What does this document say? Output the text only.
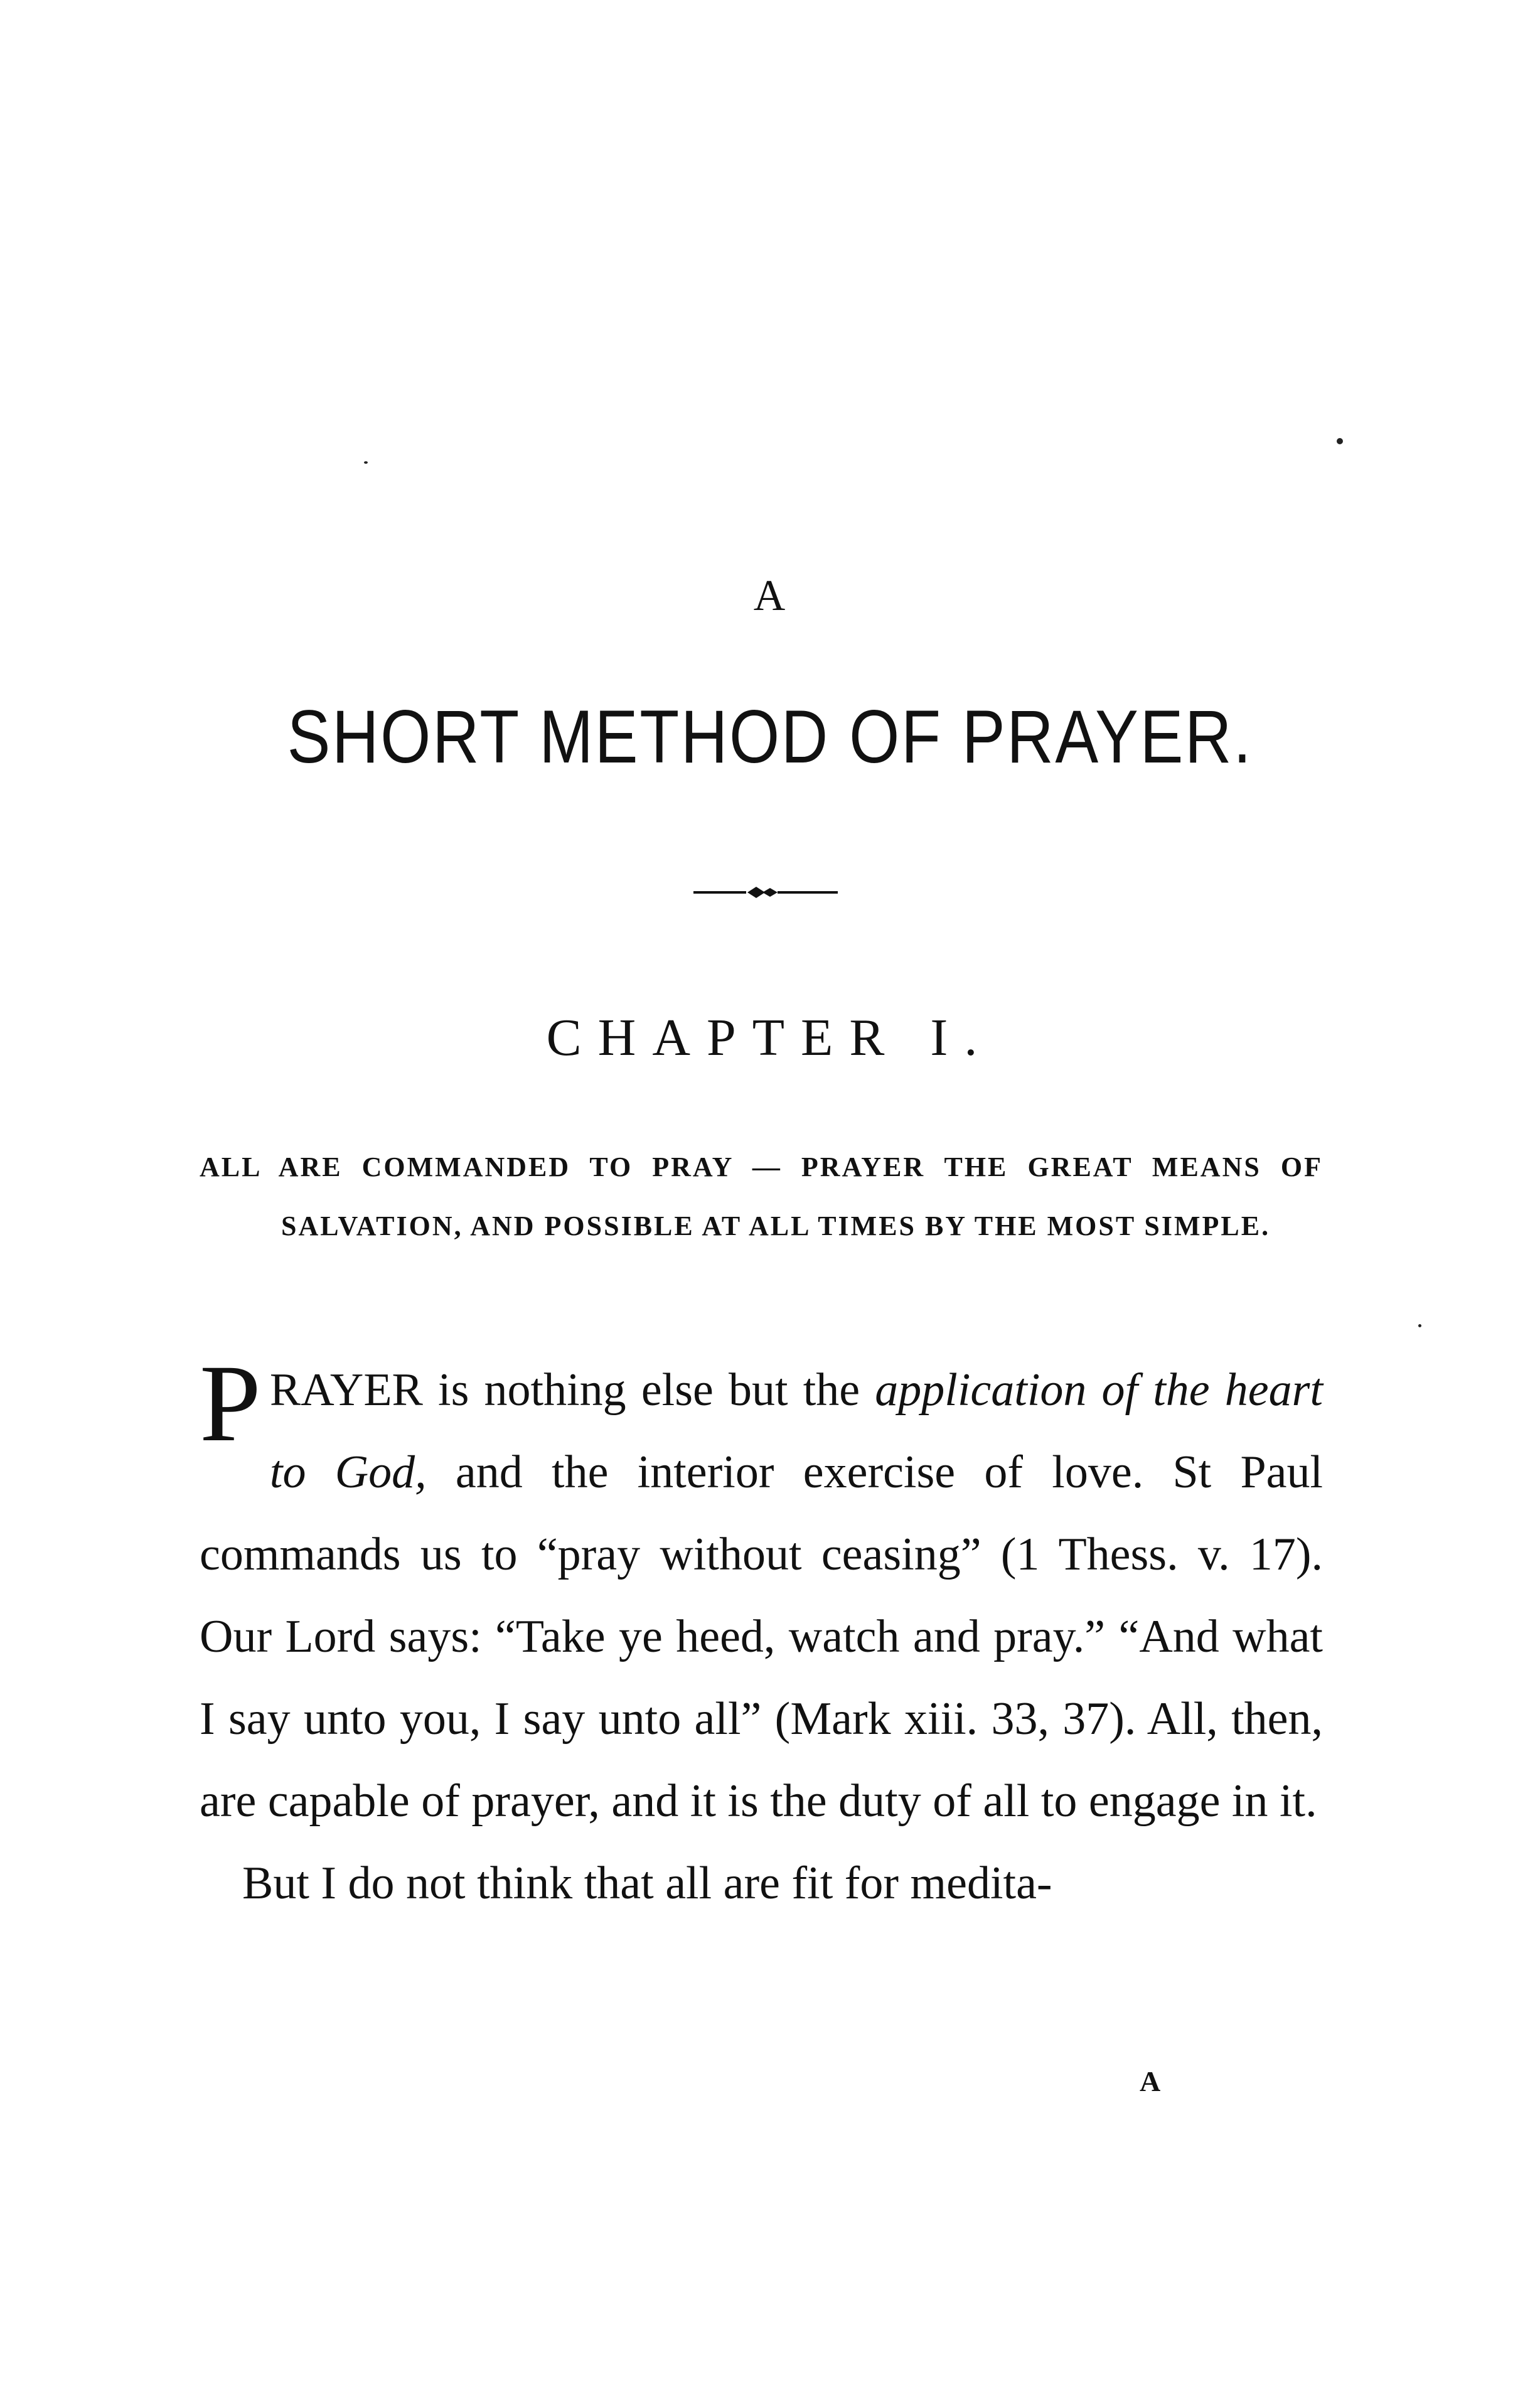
A
SHORT METHOD OF PRAYER.
CHAPTER I.
ALL ARE COMMANDED TO PRAY — PRAYER THE GREAT MEANS OF SALVATION, AND POSSIBLE AT ALL TIMES BY THE MOST SIMPLE.

PRAYER is nothing else but the application of the heart to God, and the interior exercise of love. St Paul commands us to “pray without ceasing” (1 Thess. v. 17). Our Lord says: “Take ye heed, watch and pray.” “And what I say unto you, I say unto all” (Mark xiii. 33, 37). All, then, are capable of prayer, and it is the duty of all to engage in it.

But I do not think that all are fit for medita-

A
